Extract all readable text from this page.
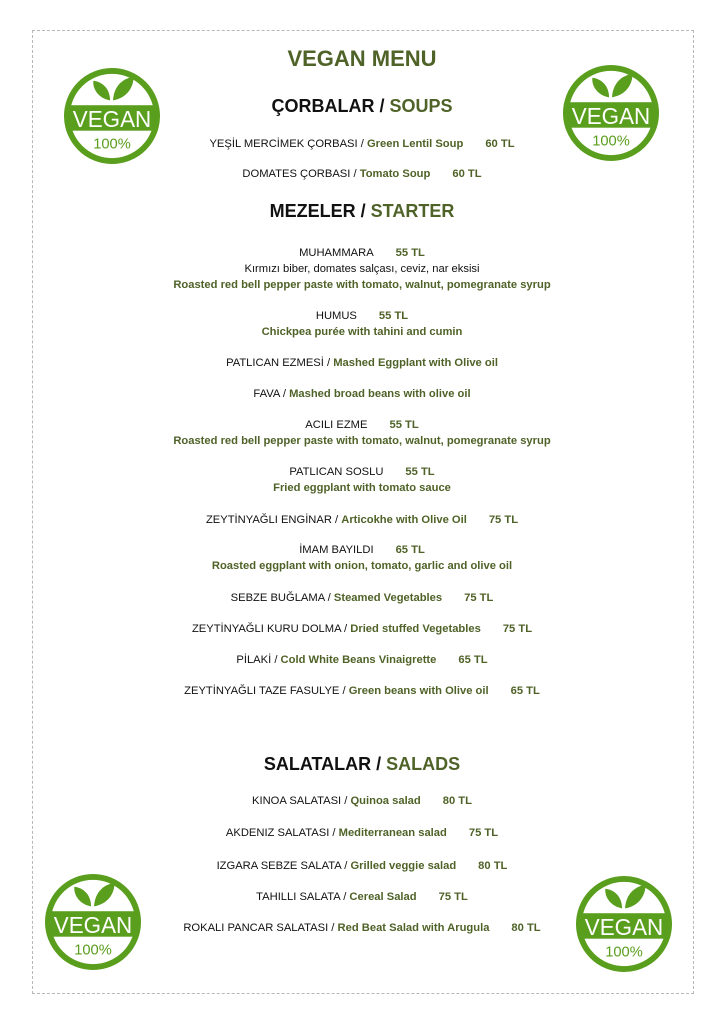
VEGAN MENU
ÇORBALAR / SOUPS
YEŞİL MERCİMEK ÇORBASI / Green Lentil Soup 60 TL
DOMATES ÇORBASI / Tomato Soup 60 TL
MEZELER / STARTER
MUHAMMARA 55 TL
Kırmızı biber, domates salçası, ceviz, nar eksisi
Roasted red bell pepper paste with tomato, walnut, pomegranate syrup
HUMUS 55 TL
Chickpea purée with tahini and cumin
PATLICAN EZMESİ / Mashed Eggplant with Olive oil
FAVA / Mashed broad beans with olive oil
ACILI EZME 55 TL
Roasted red bell pepper paste with tomato, walnut, pomegranate syrup
PATLICAN SOSLU 55 TL
Fried eggplant with tomato sauce
ZEYTİNYAĞLI ENGİNAR / Articokhe with Olive Oil 75 TL
İMAM BAYILDI 65 TL
Roasted eggplant with onion, tomato, garlic and olive oil
SEBZE BUĞLAMA / Steamed Vegetables 75 TL
ZEYTİNYAĞLI KURU DOLMA / Dried stuffed Vegetables 75 TL
PİLAKİ / Cold White Beans Vinaigrette 65 TL
ZEYTİNYAĞLI TAZE FASULYE / Green beans with Olive oil 65 TL
SALATALAR / SALADS
KINOA SALATASI / Quinoa salad 80 TL
AKDENIZ SALATASI / Mediterranean salad 75 TL
IZGARA SEBZE SALATA / Grilled veggie salad 80 TL
TAHILLI SALATA / Cereal Salad 75 TL
ROKALI PANCAR SALATASI / Red Beat Salad with Arugula 80 TL
VEGAN
100%
VEGAN
100%
VEGAN
100%
VEGAN
100%
